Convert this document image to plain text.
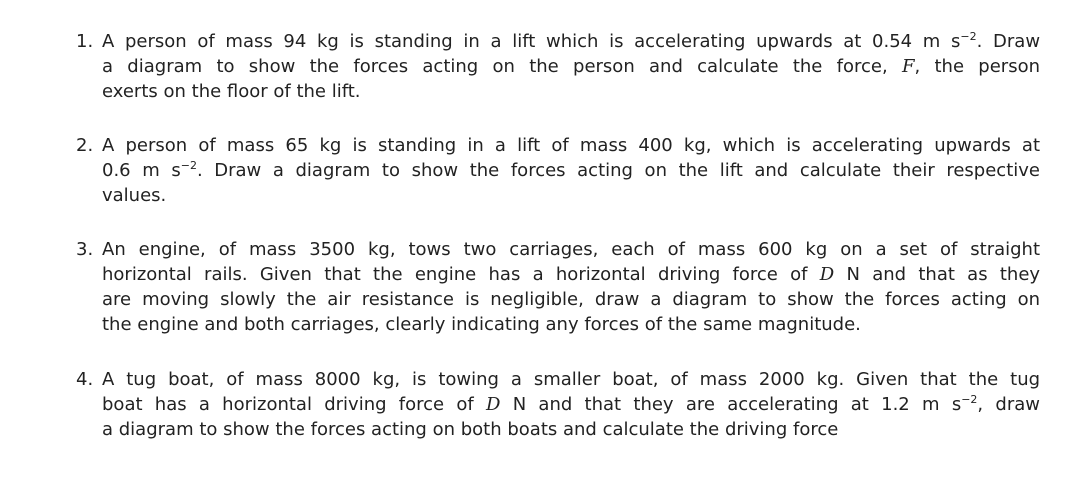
1. A person of mass 94 kg is standing in a lift which is accelerating upwards at 0.54 m $s^{-2}$. Draw
a diagram to show the forces acting on the person and calculate the force, F, the person
exerts on the floor of the lift.
2. A person of mass 65 kg is standing in a lift of mass 400 kg, which is accelerating upwards at
0.6 m $s^{-2}$. Draw a diagram to show the forces acting on the lift and calculate their respective
values.
3. An engine, of mass 3500 kg, tows two carriages, each of mass 600 kg on a set of straight
horizontal rails. Given that the engine has a horizontal driving force of D N and that as they
are moving slowly the air resistance is negligible, draw a diagram to show the forces acting on
the engine and both carriages, clearly indicating any forces of the same magnitude.
4. A tug boat, of mass 8000 kg, is towing a smaller boat, of mass 2000 kg. Given that the tug
boat has a horizontal driving force of D N and that they are accelerating at 1.2 m $s^{-2}$, draw
a diagram to show the forces acting on both boats and calculate the driving force
